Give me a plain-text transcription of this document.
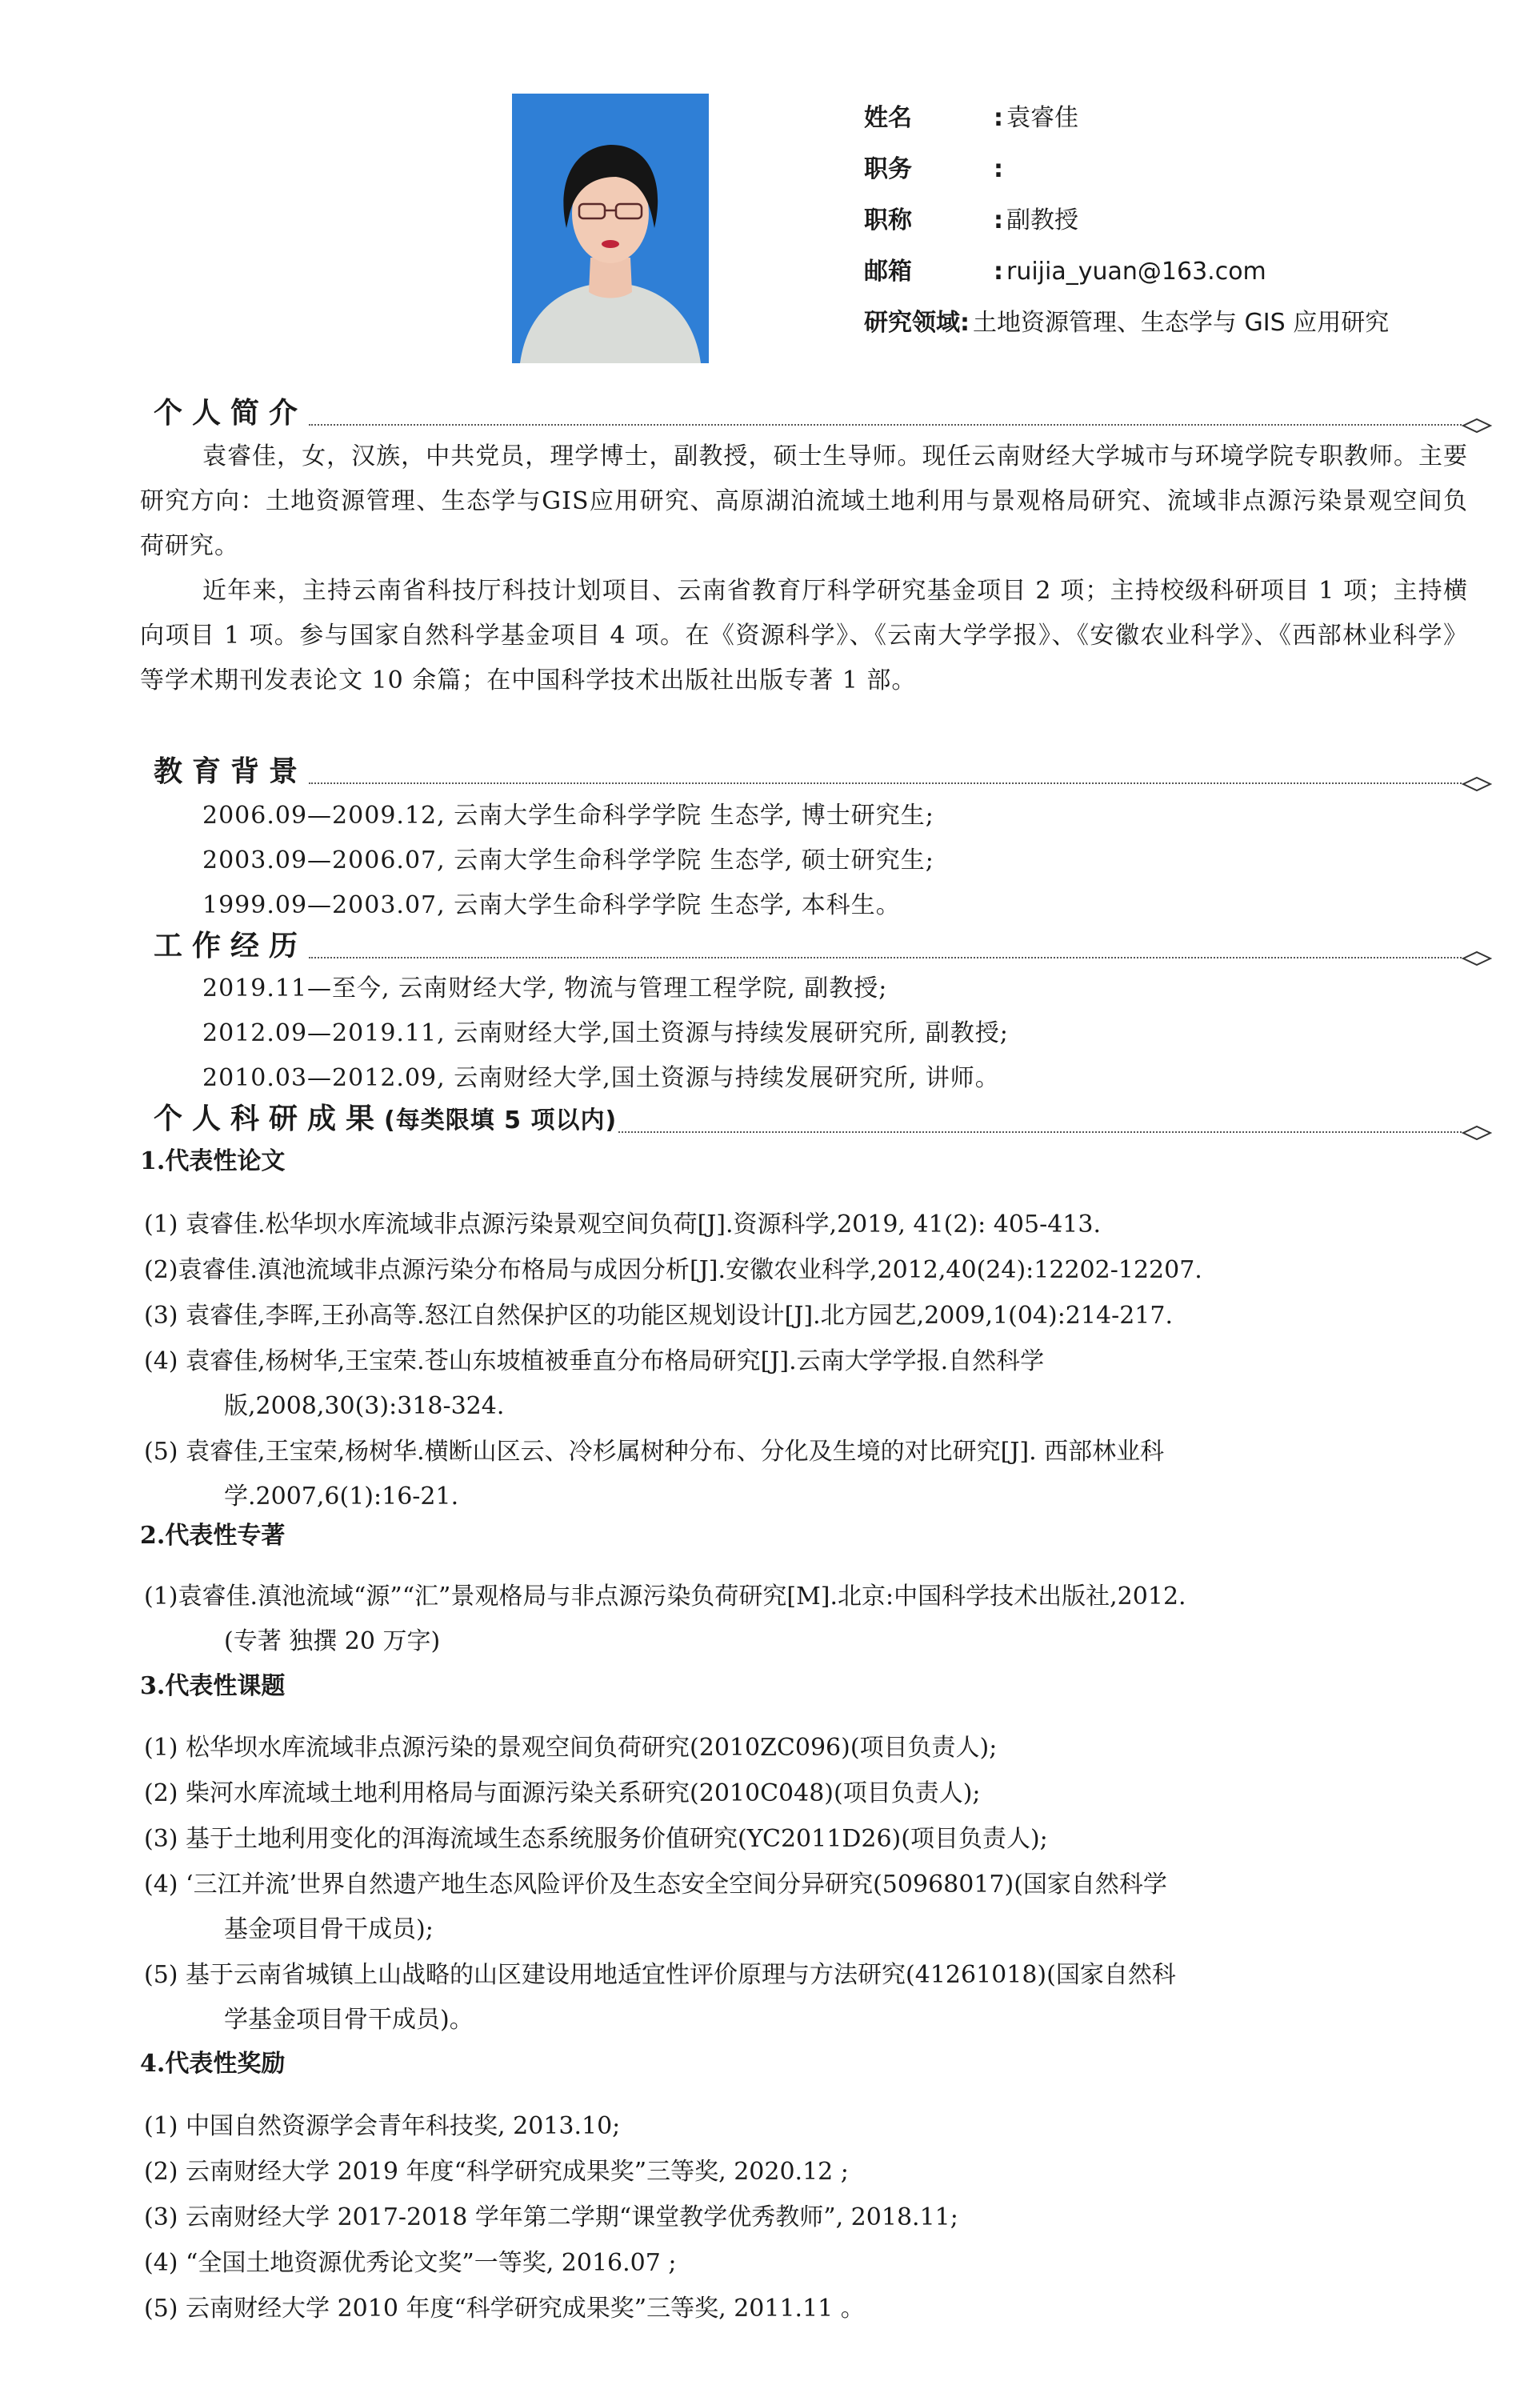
姓名	: 袁睿佳
职务	:
职称	: 副教授
邮箱	: ruijia_yuan@163.com
研究领域 : 土地资源管理、生态学与 GIS 应用研究
个人简介

袁睿佳，女，汉族，中共党员，理学博士，副教授，硕士生导师。现任云南财经大学城市与环境学院专职教师。主要研究方向：土地资源管理、生态学与GIS应用研究、高原湖泊流域土地利用与景观格局研究、流域非点源污染景观空间负荷研究。

近年来，主持云南省科技厅科技计划项目、云南省教育厅科学研究基金项目 2 项；主持校级科研项目 1 项；主持横向项目 1 项。参与国家自然科学基金项目 4 项。在《资源科学》、《云南大学学报》、《安徽农业科学》、《西部林业科学》等学术期刊发表论文 10 余篇；在中国科学技术出版社出版专著 1 部。

教育背景
2006.09—2009.12, 云南大学生命科学学院 生态学, 博士研究生;
2003.09—2006.07, 云南大学生命科学学院 生态学, 硕士研究生;
1999.09—2003.07, 云南大学生命科学学院 生态学, 本科生。
工作经历
2019.11—至今, 云南财经大学, 物流与管理工程学院, 副教授;
2012.09—2019.11, 云南财经大学,国土资源与持续发展研究所, 副教授;
2010.03—2012.09, 云南财经大学,国土资源与持续发展研究所, 讲师。
个人科研成果(每类限填 5 项以内)
1.代表性论文
(1) 袁睿佳.松华坝水库流域非点源污染景观空间负荷[J].资源科学,2019, 41(2): 405-413.
(2)袁睿佳.滇池流域非点源污染分布格局与成因分析[J].安徽农业科学,2012,40(24):12202-12207.
(3) 袁睿佳,李晖,王孙高等.怒江自然保护区的功能区规划设计[J].北方园艺,2009,1(04):214-217.
(4) 袁睿佳,杨树华,王宝荣.苍山东坡植被垂直分布格局研究[J].云南大学学报.自然科学
版,2008,30(3):318-324.
(5) 袁睿佳,王宝荣,杨树华.横断山区云、冷杉属树种分布、分化及生境的对比研究[J]. 西部林业科
学.2007,6(1):16-21.
2.代表性专著
(1)袁睿佳.滇池流域“源”“汇”景观格局与非点源污染负荷研究[M].北京:中国科学技术出版社,2012.
(专著 独撰 20 万字)
3.代表性课题
(1) 松华坝水库流域非点源污染的景观空间负荷研究(2010ZC096)(项目负责人);
(2) 柴河水库流域土地利用格局与面源污染关系研究(2010C048)(项目负责人);
(3) 基于土地利用变化的洱海流域生态系统服务价值研究(YC2011D26)(项目负责人);
(4) ‘三江并流’世界自然遗产地生态风险评价及生态安全空间分异研究(50968017)(国家自然科学
基金项目骨干成员);
(5) 基于云南省城镇上山战略的山区建设用地适宜性评价原理与方法研究(41261018)(国家自然科
学基金项目骨干成员)。
4.代表性奖励
(1) 中国自然资源学会青年科技奖, 2013.10;
(2) 云南财经大学 2019 年度“科学研究成果奖”三等奖, 2020.12 ;
(3) 云南财经大学 2017-2018 学年第二学期“课堂教学优秀教师”, 2018.11;
(4) “全国土地资源优秀论文奖”一等奖, 2016.07 ;
(5) 云南财经大学 2010 年度“科学研究成果奖”三等奖, 2011.11 。
